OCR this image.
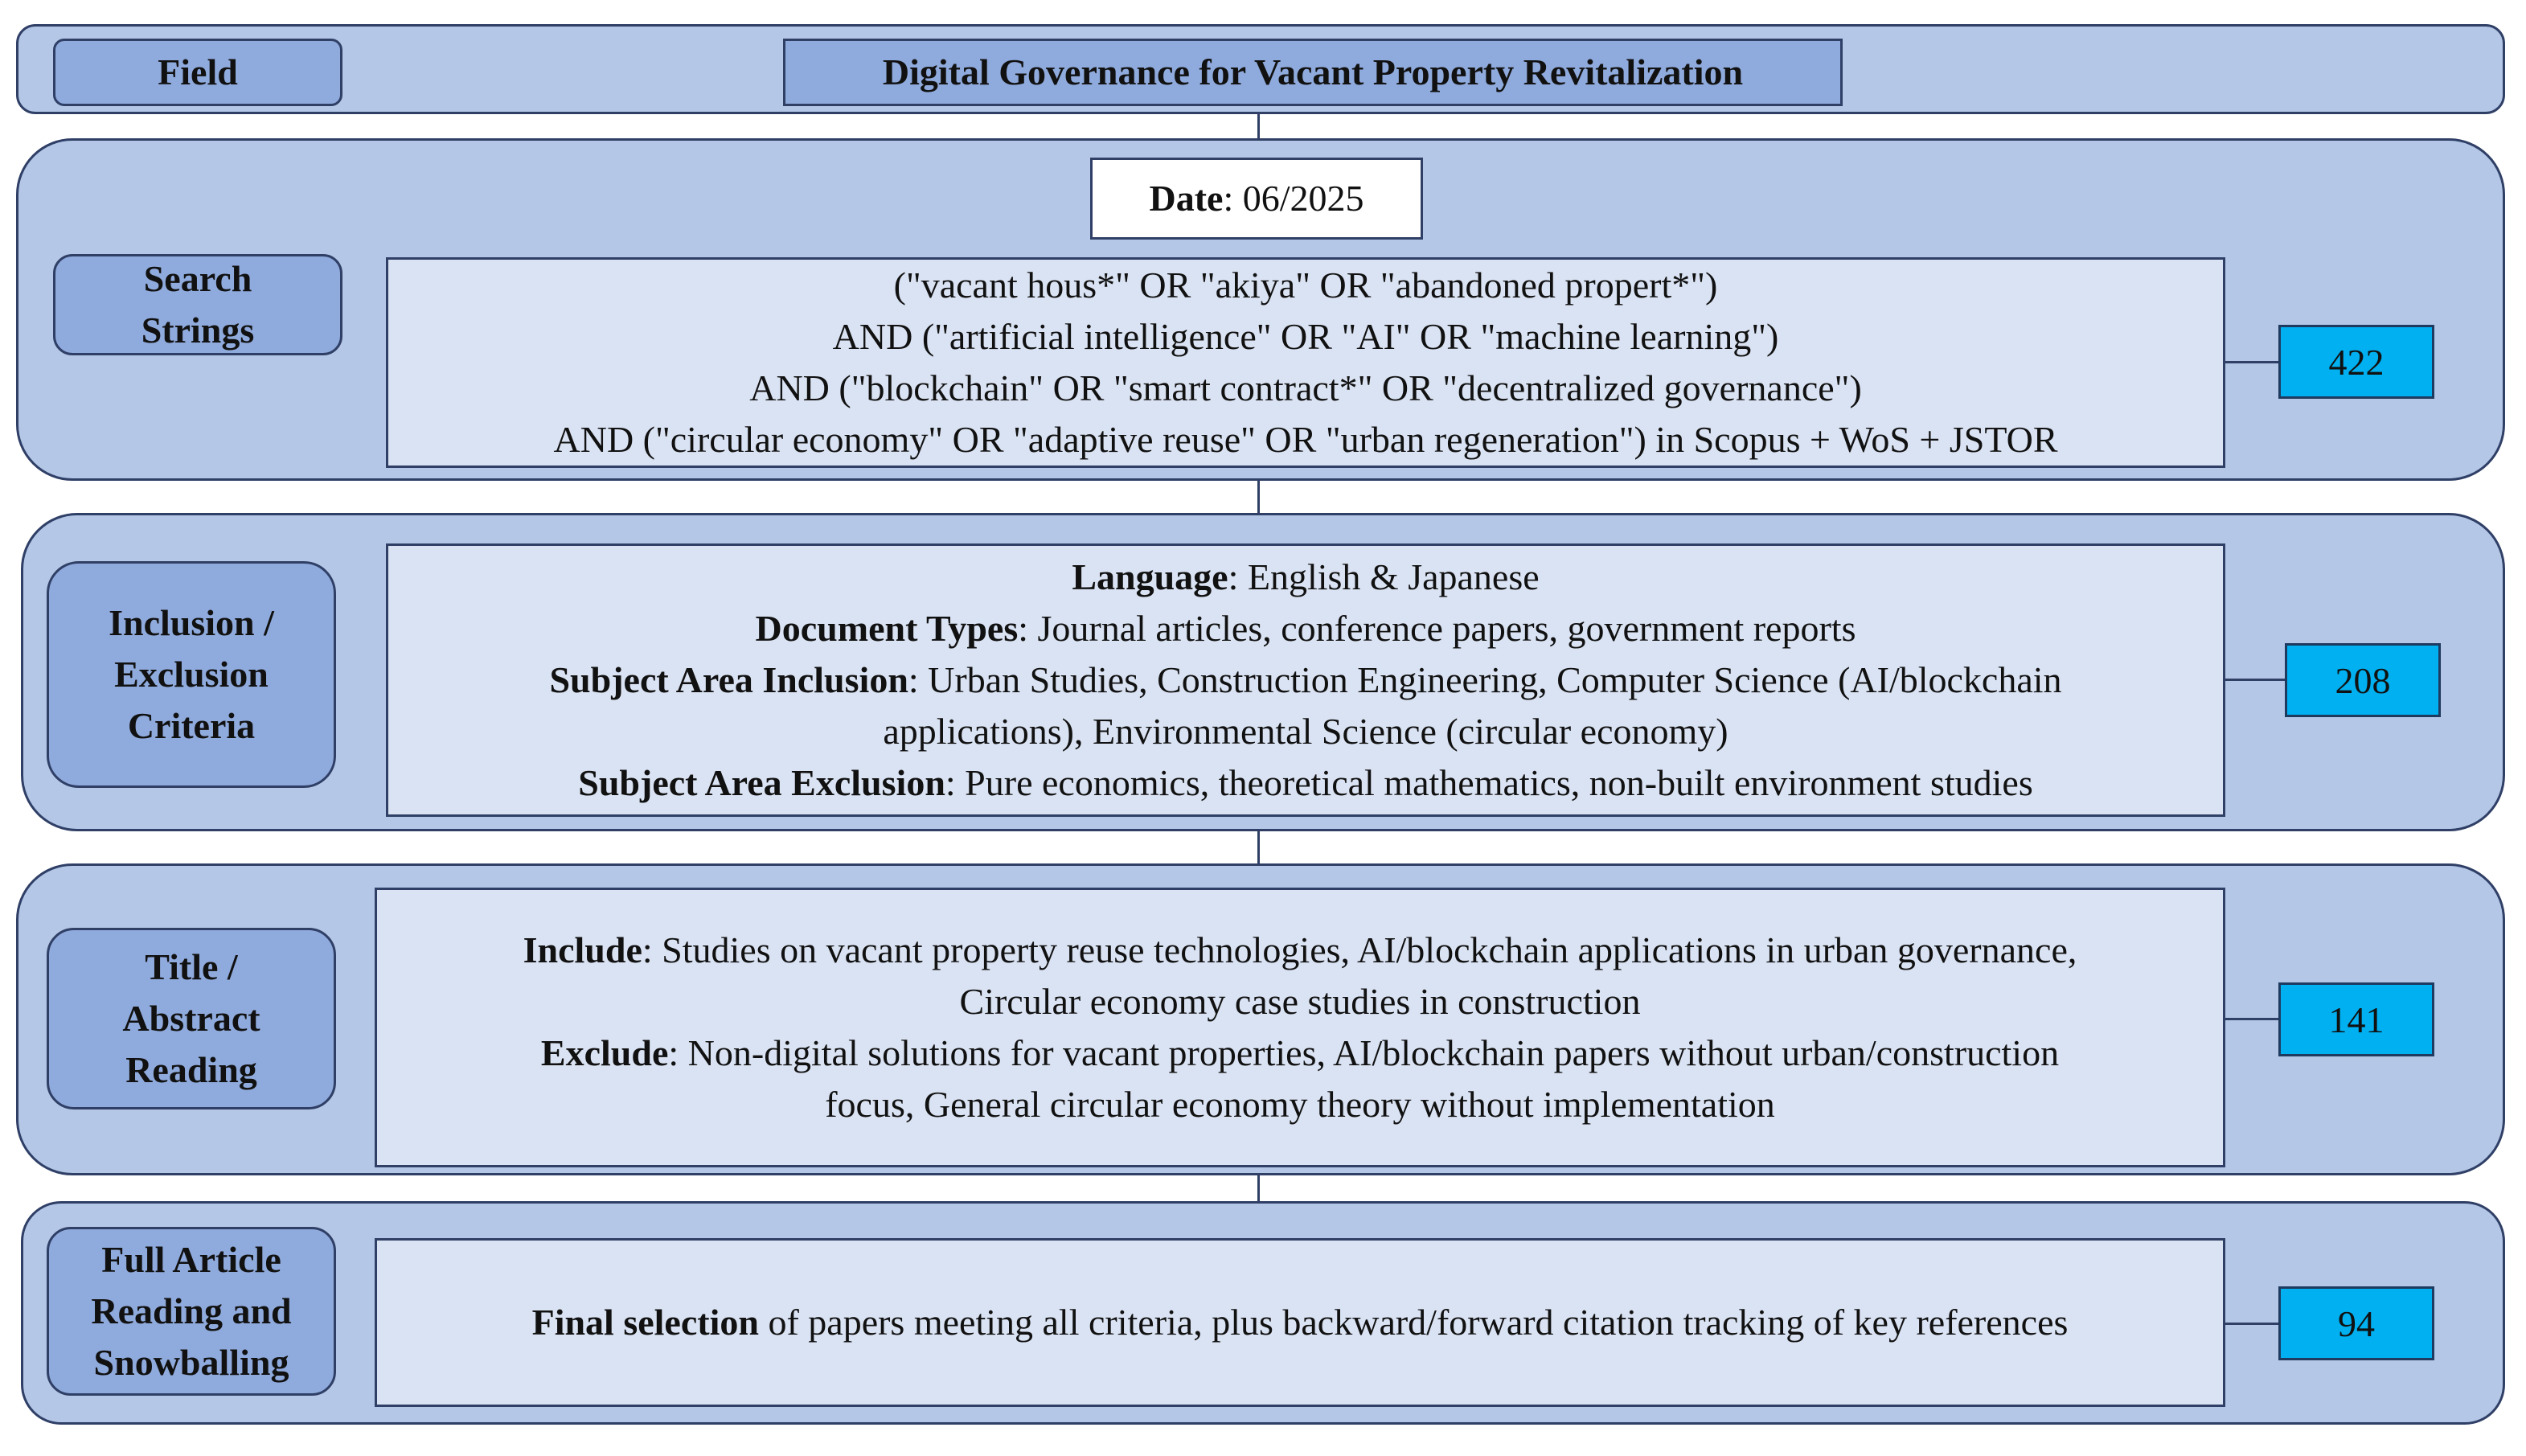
Field	Digital Governance for Vacant Property Revitalization
Search
Strings

Date: 06/2025

("vacant hous*" OR "akiya" OR "abandoned propert*")

AND ("artificial intelligence" OR "AI" OR "machine learning")

AND ("blockchain" OR "smart contract*" OR "decentralized governance")

AND ("circular economy" OR "adaptive reuse" OR "urban regeneration") in Scopus + WoS + JSTOR

422
Inclusion /
Exclusion
Criteria

Language: English & Japanese

Document Types: Journal articles, conference papers, government reports

Subject Area Inclusion: Urban Studies, Construction Engineering, Computer Science (AI/blockchain

applications), Environmental Science (circular economy)

Subject Area Exclusion: Pure economics, theoretical mathematics, non-built environment studies

208
Title /
Abstract
Reading

Include: Studies on vacant property reuse technologies, AI/blockchain applications in urban governance,

Circular economy case studies in construction

Exclude: Non-digital solutions for vacant properties, AI/blockchain papers without urban/construction

focus, General circular economy theory without implementation

141
Full Article
Reading and
Snowballing

Final selection of papers meeting all criteria, plus backward/forward citation tracking of key references	94
